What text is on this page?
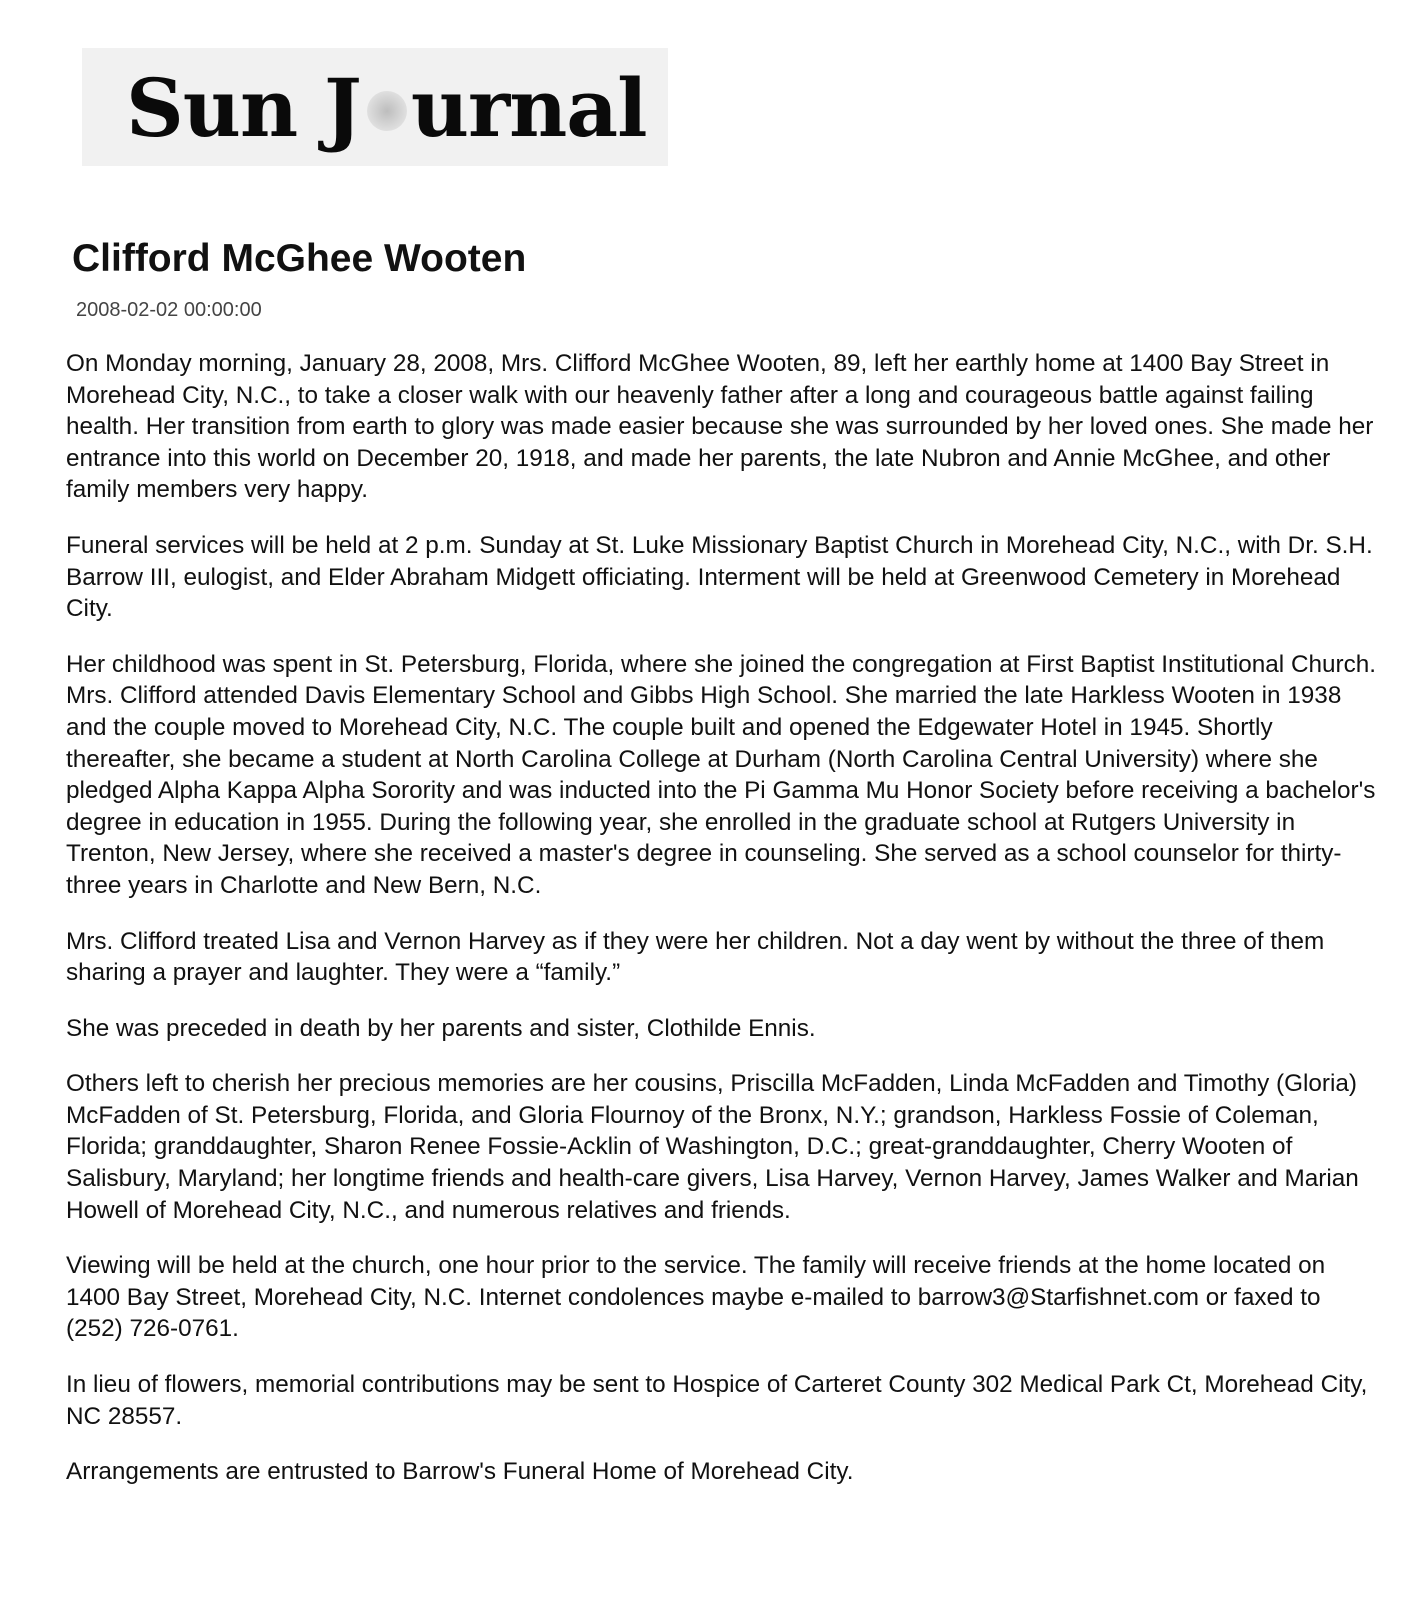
Sun J urnal
Clifford McGhee Wooten
2008-02-02 00:00:00

On Monday morning, January 28, 2008, Mrs. Clifford McGhee Wooten, 89, left her earthly home at 1400 Bay Street in Morehead City, N.C., to take a closer walk with our heavenly father after a long and courageous battle against failing health. Her transition from earth to glory was made easier because she was surrounded by her loved ones. She made her entrance into this world on December 20, 1918, and made her parents, the late Nubron and Annie McGhee, and other family members very happy.

Funeral services will be held at 2 p.m. Sunday at St. Luke Missionary Baptist Church in Morehead City, N.C., with Dr. S.H. Barrow III, eulogist, and Elder Abraham Midgett officiating. Interment will be held at Greenwood Cemetery in Morehead City.

Her childhood was spent in St. Petersburg, Florida, where she joined the congregation at First Baptist Institutional Church. Mrs. Clifford attended Davis Elementary School and Gibbs High School. She married the late Harkless Wooten in 1938 and the couple moved to Morehead City, N.C. The couple built and opened the Edgewater Hotel in 1945. Shortly thereafter, she became a student at North Carolina College at Durham (North Carolina Central University) where she pledged Alpha Kappa Alpha Sorority and was inducted into the Pi Gamma Mu Honor Society before receiving a bachelor's degree in education in 1955. During the following year, she enrolled in the graduate school at Rutgers University in Trenton, New Jersey, where she received a master's degree in counseling. She served as a school counselor for thirty-three years in Charlotte and New Bern, N.C.

Mrs. Clifford treated Lisa and Vernon Harvey as if they were her children. Not a day went by without the three of them sharing a prayer and laughter. They were a “family.”

She was preceded in death by her parents and sister, Clothilde Ennis.

Others left to cherish her precious memories are her cousins, Priscilla McFadden, Linda McFadden and Timothy (Gloria) McFadden of St. Petersburg, Florida, and Gloria Flournoy of the Bronx, N.Y.; grandson, Harkless Fossie of Coleman, Florida; granddaughter, Sharon Renee Fossie-Acklin of Washington, D.C.; great-granddaughter, Cherry Wooten of Salisbury, Maryland; her longtime friends and health-care givers, Lisa Harvey, Vernon Harvey, James Walker and Marian Howell of Morehead City, N.C., and numerous relatives and friends.

Viewing will be held at the church, one hour prior to the service. The family will receive friends at the home located on 1400 Bay Street, Morehead City, N.C. Internet condolences maybe e-mailed to barrow3@Starfishnet.com or faxed to (252) 726-0761.

In lieu of flowers, memorial contributions may be sent to Hospice of Carteret County 302 Medical Park Ct, Morehead City, NC 28557.

Arrangements are entrusted to Barrow's Funeral Home of Morehead City.
